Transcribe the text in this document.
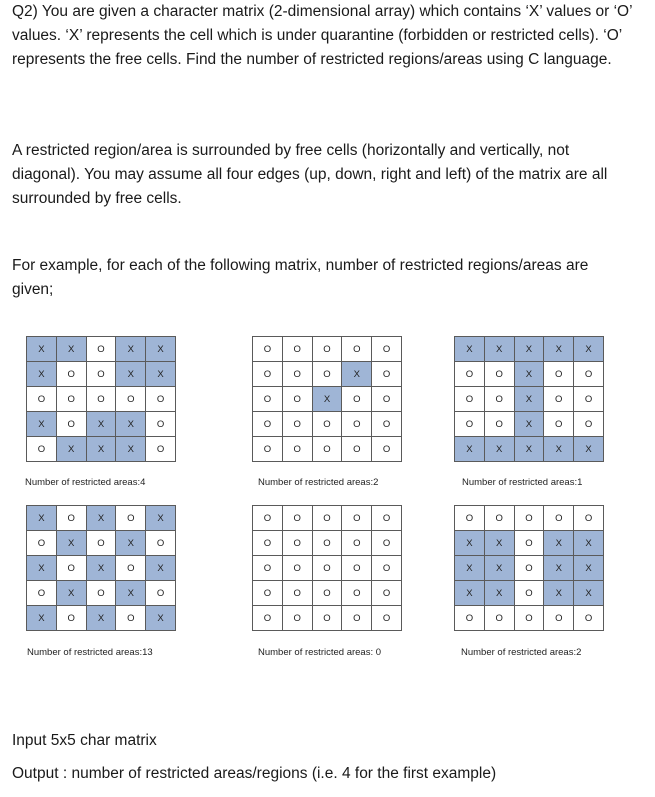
Q2) You are given a character matrix (2-dimensional array) which contains ‘X’ values or ‘O’ values. ‘X’ represents the cell which is under quarantine (forbidden or restricted cells). ‘O’ represents the free cells. Find the number of restricted regions/areas using C language.

A restricted region/area is surrounded by free cells (horizontally and vertically, not diagonal). You may assume all four edges (up, down, right and left) of the matrix are all surrounded by free cells.

For example, for each of the following matrix, number of restricted regions/areas are given;

X	X	O	X	X
X	O	O	X	X
O	O	O	O	O
X	O	X	X	O
O	X	X	X	O
Number of restricted areas:4
O	O	O	O	O
O	O	O	X	O
O	O	X	O	O
O	O	O	O	O
O	O	O	O	O
Number of restricted areas:2
X	X	X	X	X
O	O	X	O	O
O	O	X	O	O
O	O	X	O	O
X	X	X	X	X
Number of restricted areas:1
X	O	X	O	X
O	X	O	X	O
X	O	X	O	X
O	X	O	X	O
X	O	X	O	X
Number of restricted areas:13
O	O	O	O	O
O	O	O	O	O
O	O	O	O	O
O	O	O	O	O
O	O	O	O	O
Number of restricted areas: 0
O	O	O	O	O
X	X	O	X	X
X	X	O	X	X
X	X	O	X	X
O	O	O	O	O
Number of restricted areas:2

Input 5x5 char matrix

Output : number of restricted areas/regions (i.e. 4 for the first example)
